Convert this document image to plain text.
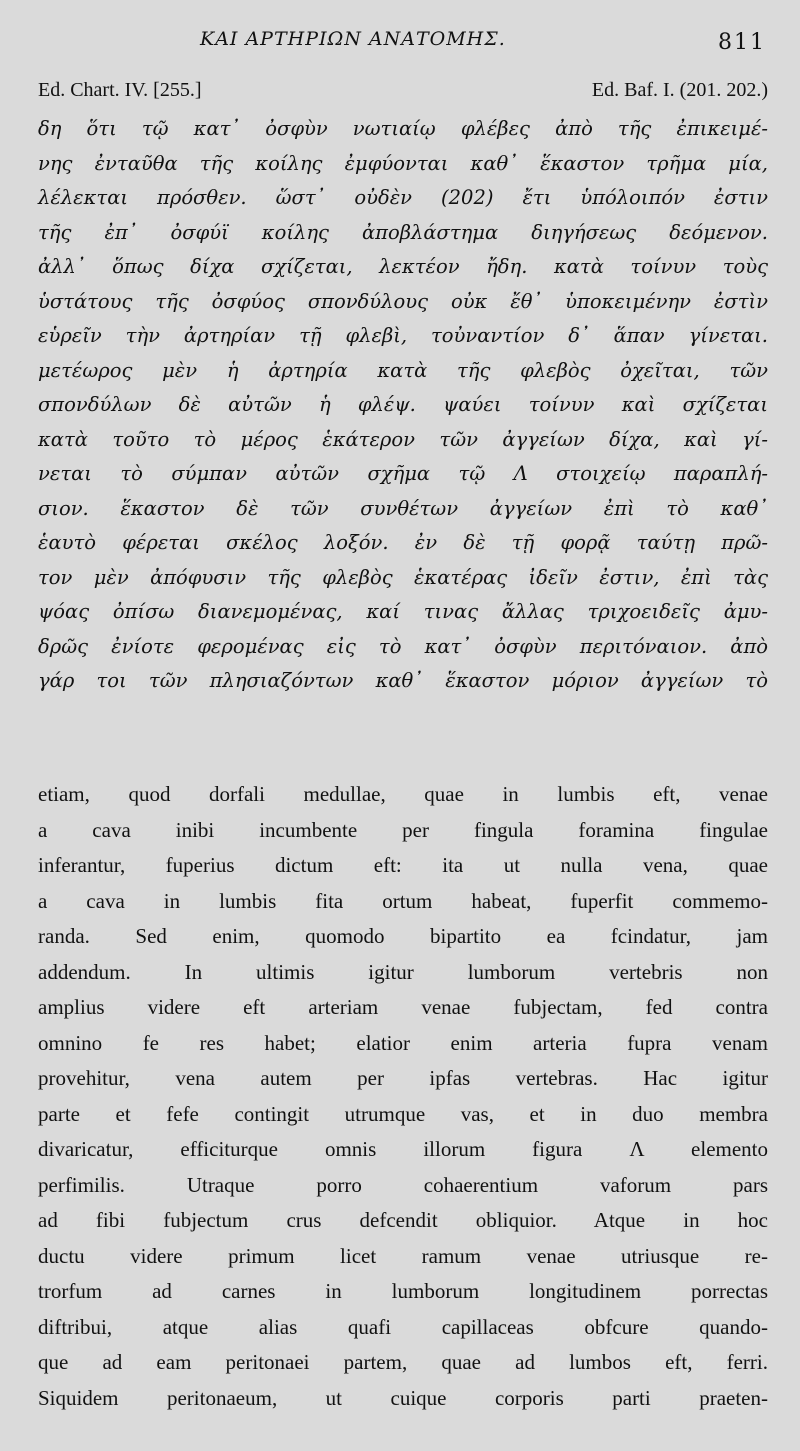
ΚΑΙ ΑΡΤΗΡΙΩΝ ΑΝΑΤΟΜΗΣ.	811
Ed. Chart. IV. [255.]	Ed. Baf. I. (201. 202.)
δη ὅτι τῷ κατ᾽ ὀσφὺν νωτιαίῳ φλέβες ἀπὸ τῆς ἐπικειμέ-
νης ἐνταῦθα τῆς κοίλης ἐμφύονται καθ᾽ ἕκαστον τρῆμα μία,
λέλεκται πρόσθεν. ὥστ᾽ οὐδὲν (202) ἔτι ὑπόλοιπόν ἐστιν
τῆς ἐπ᾽ ὀσφύϊ κοίλης ἀποβλάστημα διηγήσεως δεόμενον.
ἀλλ᾽ ὅπως δίχα σχίζεται, λεκτέον ἤδη. κατὰ τοίνυν τοὺς
ὑστάτους τῆς ὀσφύος σπονδύλους οὐκ ἔθ᾽ ὑποκειμένην ἐστὶν
εὑρεῖν τὴν ἀρτηρίαν τῇ φλεβὶ, τοὐναντίον δ᾽ ἅπαν γίνεται.
μετέωρος μὲν ἡ ἀρτηρία κατὰ τῆς φλεβὸς ὀχεῖται, τῶν
σπονδύλων δὲ αὐτῶν ἡ φλέψ. ψαύει τοίνυν καὶ σχίζεται
κατὰ τοῦτο τὸ μέρος ἑκάτερον τῶν ἀγγείων δίχα, καὶ γί-
νεται τὸ σύμπαν αὐτῶν σχῆμα τῷ Λ στοιχείῳ παραπλή-
σιον. ἕκαστον δὲ τῶν συνθέτων ἀγγείων ἐπὶ τὸ καθ᾽
ἑαυτὸ φέρεται σκέλος λοξόν. ἐν δὲ τῇ φορᾷ ταύτῃ πρῶ-
τον μὲν ἀπόφυσιν τῆς φλεβὸς ἑκατέρας ἰδεῖν ἐστιν, ἐπὶ τὰς
ψόας ὀπίσω διανεμομένας, καί τινας ἄλλας τριχοειδεῖς ἀμυ-
δρῶς ἐνίοτε φερομένας εἰς τὸ κατ᾽ ὀσφὺν περιτόναιον. ἀπὸ
γάρ τοι τῶν πλησιαζόντων καθ᾽ ἕκαστον μόριον ἀγγείων τὸ
etiam, quod dorfali medullae, quae in lumbis eft, venae
a cava inibi incumbente per fingula foramina fingulae
inferantur, fuperius dictum eft: ita ut nulla vena, quae
a cava in lumbis fita ortum habeat, fuperfit commemo-
randa. Sed enim, quomodo bipartito ea fcindatur, jam
addendum. In ultimis igitur lumborum vertebris non
amplius videre eft arteriam venae fubjectam, fed contra
omnino fe res habet; elatior enim arteria fupra venam
provehitur, vena autem per ipfas vertebras. Hac igitur
parte et fefe contingit utrumque vas, et in duo membra
divaricatur, efficiturque omnis illorum figura Λ elemento
perfimilis. Utraque porro cohaerentium vaforum pars
ad fibi fubjectum crus defcendit obliquior. Atque in hoc
ductu videre primum licet ramum venae utriusque re-
trorfum ad carnes in lumborum longitudinem porrectas
diftribui, atque alias quafi capillaceas obfcure quando-
que ad eam peritonaei partem, quae ad lumbos eft, ferri.
Siquidem peritonaeum, ut cuique corporis parti praeten-
